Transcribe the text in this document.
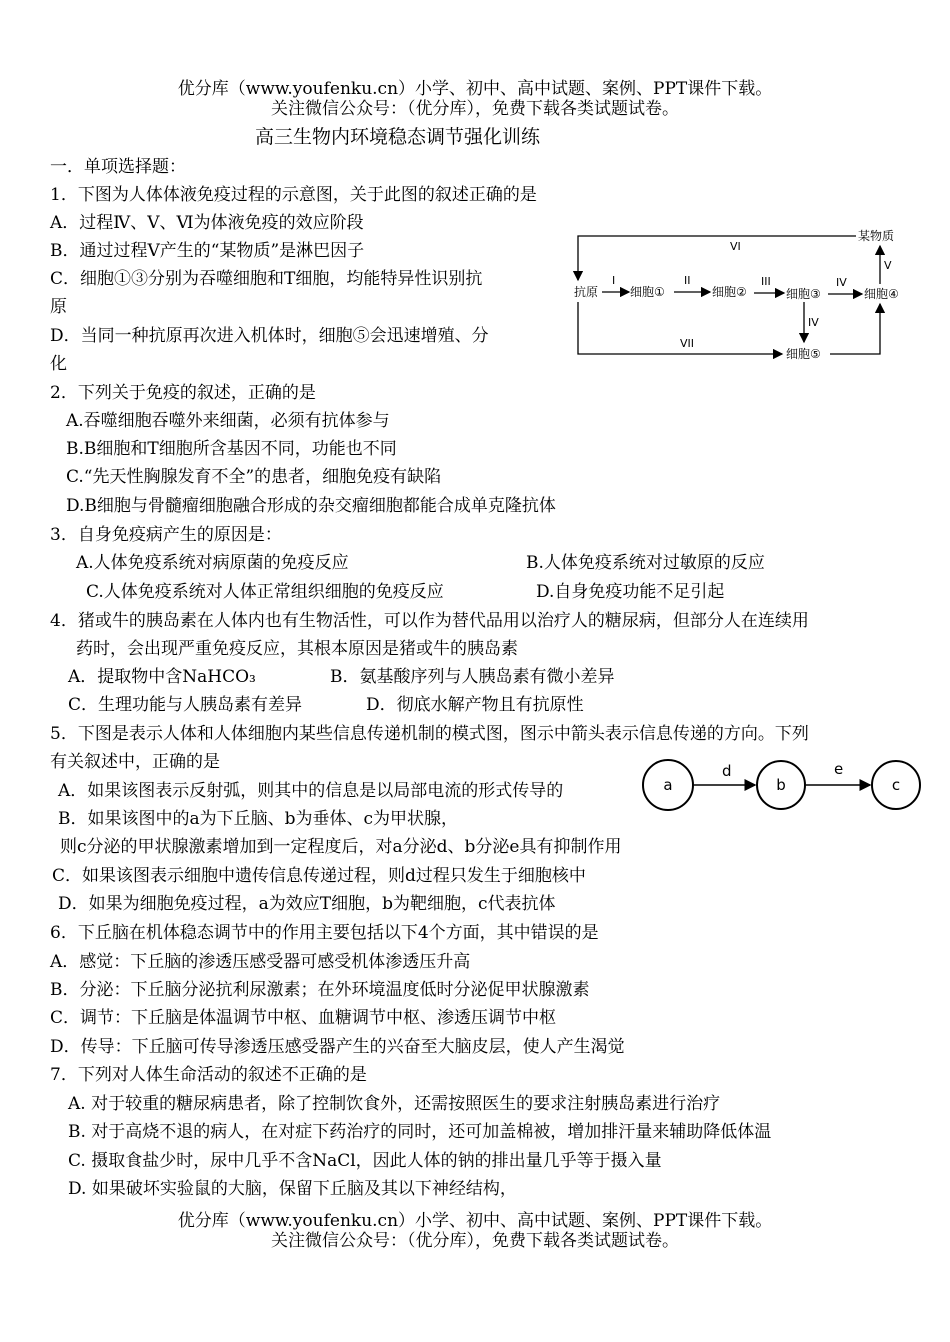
优分库（www.youfenku.cn）小学、初中、高中试题、案例、PPT课件下载。
关注微信公众号：（优分库），免费下载各类试题试卷。
高三生物内环境稳态调节强化训练
一．单项选择题：
1．下图为人体体液免疫过程的示意图，关于此图的叙述正确的是
A．过程Ⅳ、Ⅴ、Ⅵ为体液免疫的效应阶段
B．通过过程Ⅴ产生的“某物质”是淋巴因子
C．细胞①③分别为吞噬细胞和T细胞，均能特异性识别抗
原
D．当同一种抗原再次进入机体时，细胞⑤会迅速增殖、分
化
抗原	细胞①	细胞②	细胞③	细胞④
某物质
细胞⑤
I	II	III	IV
IV
V
VI
VII
2．下列关于免疫的叙述，正确的是
A.吞噬细胞吞噬外来细菌，必须有抗体参与
B.B细胞和T细胞所含基因不同，功能也不同
C.“先天性胸腺发育不全”的患者，细胞免疫有缺陷
D.B细胞与骨髓瘤细胞融合形成的杂交瘤细胞都能合成单克隆抗体
3．自身免疫病产生的原因是：
A.人体免疫系统对病原菌的免疫反应	B.人体免疫系统对过敏原的反应
C.人体免疫系统对人体正常组织细胞的免疫反应	D.自身免疫功能不足引起
4．猪或牛的胰岛素在人体内也有生物活性，可以作为替代品用以治疗人的糖尿病，但部分人在连续用
药时，会出现严重免疫反应，其根本原因是猪或牛的胰岛素
A．提取物中含NaHCO₃	B．氨基酸序列与人胰岛素有微小差异
C．生理功能与人胰岛素有差异	D．彻底水解产物且有抗原性
5．下图是表示人体和人体细胞内某些信息传递机制的模式图，图示中箭头表示信息传递的方向。下列
有关叙述中，正确的是
A．如果该图表示反射弧，则其中的信息是以局部电流的形式传导的
B．如果该图中的a为下丘脑、b为垂体、c为甲状腺，
则c分泌的甲状腺激素增加到一定程度后，对a分泌d、b分泌e具有抑制作用
C．如果该图表示细胞中遗传信息传递过程，则d过程只发生于细胞核中
D．如果为细胞免疫过程，a为效应T细胞，b为靶细胞，c代表抗体
a	b	c
d	e
6．下丘脑在机体稳态调节中的作用主要包括以下4个方面，其中错误的是
A．感觉：下丘脑的渗透压感受器可感受机体渗透压升高
B．分泌：下丘脑分泌抗利尿激素；在外环境温度低时分泌促甲状腺激素
C．调节：下丘脑是体温调节中枢、血糖调节中枢、渗透压调节中枢
D．传导：下丘脑可传导渗透压感受器产生的兴奋至大脑皮层，使人产生渴觉
7．下列对人体生命活动的叙述不正确的是
A. 对于较重的糖尿病患者，除了控制饮食外，还需按照医生的要求注射胰岛素进行治疗
B. 对于高烧不退的病人，在对症下药治疗的同时，还可加盖棉被，增加排汗量来辅助降低体温
C. 摄取食盐少时，尿中几乎不含NaCl，因此人体的钠的排出量几乎等于摄入量
D. 如果破坏实验鼠的大脑，保留下丘脑及其以下神经结构，
优分库（www.youfenku.cn）小学、初中、高中试题、案例、PPT课件下载。
关注微信公众号：（优分库），免费下载各类试题试卷。
